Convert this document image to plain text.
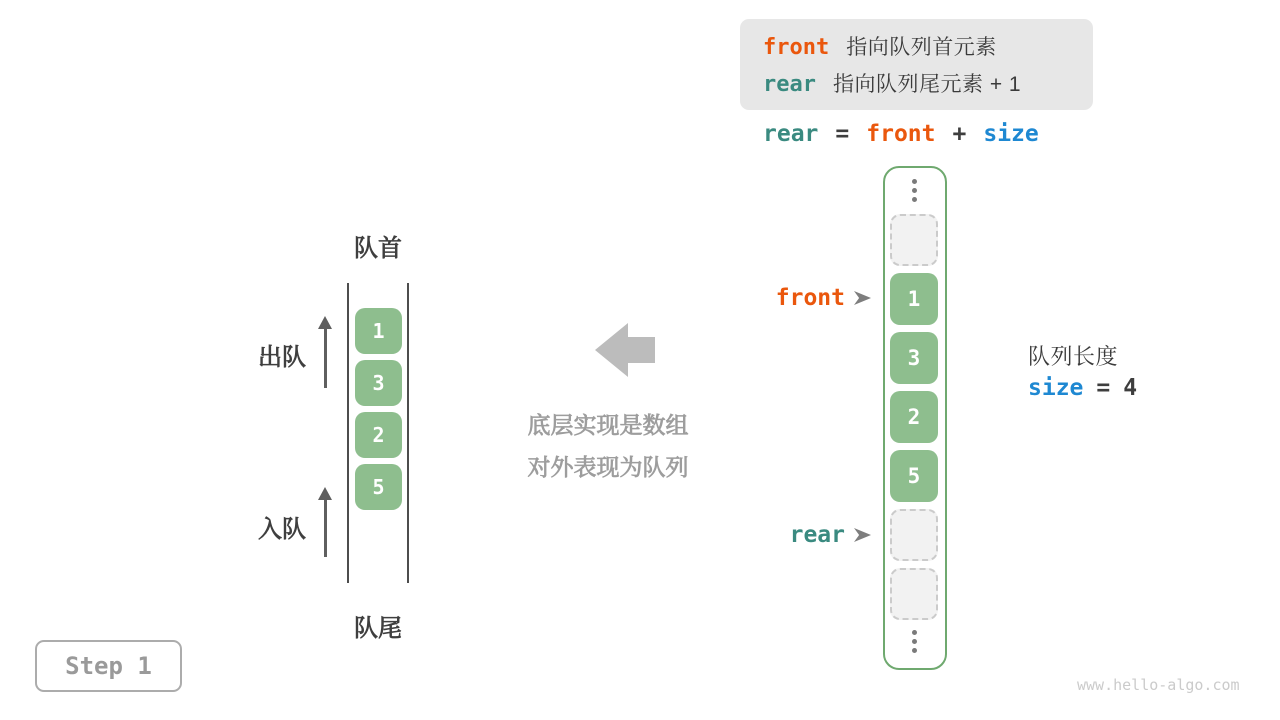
front 指向队列首元素
rear 指向队列尾元素 + 1
rear = front + size
队首
1
3
2
5
出队
入队
队尾
底层实现是数组
对外表现为队列
1
3
2
5
front
rear
队列长度
size = 4
Step 1
www.hello-algo.com
